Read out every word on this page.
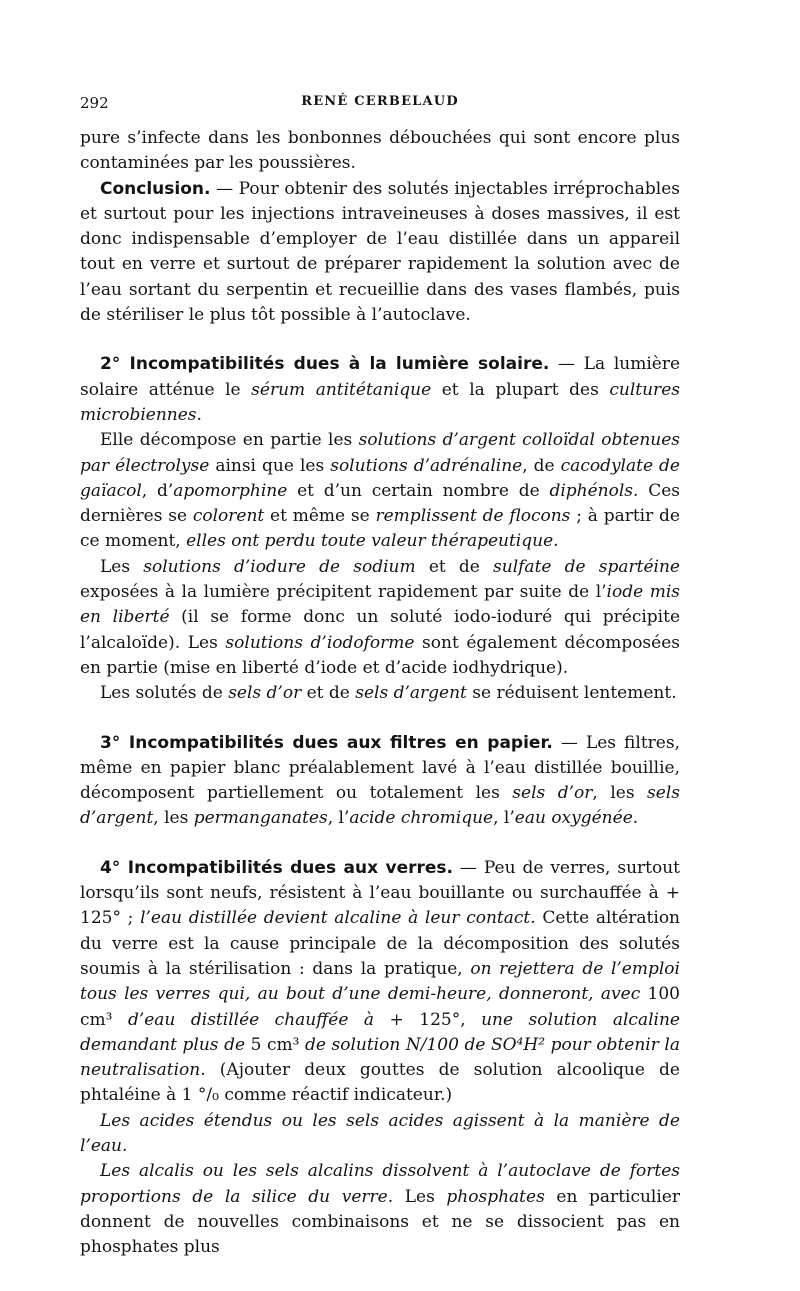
292	RENÉ CERBELAUD

pure s’infecte dans les bonbonnes débouchées qui sont encore plus contaminées par les poussières.

Conclusion. — Pour obtenir des solutés injectables irréprochables et surtout pour les injections intraveineuses à doses massives, il est donc indispensable d’employer de l’eau distillée dans un appareil tout en verre et surtout de préparer rapidement la solution avec de l’eau sortant du serpentin et recueillie dans des vases flambés, puis de stériliser le plus tôt possible à l’autoclave.

2° Incompatibilités dues à la lumière solaire. — La lumière solaire atténue le sérum antitétanique et la plupart des cultures microbiennes.

Elle décompose en partie les solutions d’argent colloïdal obtenues par électrolyse ainsi que les solutions d’adrénaline, de cacodylate de gaïacol, d’apomorphine et d’un certain nombre de diphénols. Ces dernières se colorent et même se remplissent de flocons ; à partir de ce moment, elles ont perdu toute valeur thérapeutique.

Les solutions d’iodure de sodium et de sulfate de spartéine exposées à la lumière précipitent rapidement par suite de l’iode mis en liberté (il se forme donc un soluté iodo-ioduré qui précipite l’alcaloïde). Les solutions d’iodoforme sont également décomposées en partie (mise en liberté d’iode et d’acide iodhydrique).

Les solutés de sels d’or et de sels d’argent se réduisent lentement.

3° Incompatibilités dues aux filtres en papier. — Les filtres, même en papier blanc préalablement lavé à l’eau distillée bouillie, décomposent partiellement ou totalement les sels d’or, les sels d’argent, les permanganates, l’acide chromique, l’eau oxygénée.

4° Incompatibilités dues aux verres. — Peu de verres, surtout lorsqu’ils sont neufs, résistent à l’eau bouillante ou surchauffée à + 125° ; l’eau distillée devient alcaline à leur contact. Cette altération du verre est la cause principale de la décomposition des solutés soumis à la stérilisation : dans la pratique, on rejettera de l’emploi tous les verres qui, au bout d’une demi-heure, donneront, avec 100 cm³ d’eau distillée chauffée à + 125°, une solution alcaline demandant plus de 5 cm³ de solution N/100 de SO⁴H² pour obtenir la neutralisation. (Ajouter deux gouttes de solution alcoolique de phtaléine à 1 °/₀ comme réactif indicateur.)

Les acides étendus ou les sels acides agissent à la manière de l’eau.

Les alcalis ou les sels alcalins dissolvent à l’autoclave de fortes proportions de la silice du verre. Les phosphates en particulier donnent de nouvelles combinaisons et ne se dissocient pas en phosphates plus
